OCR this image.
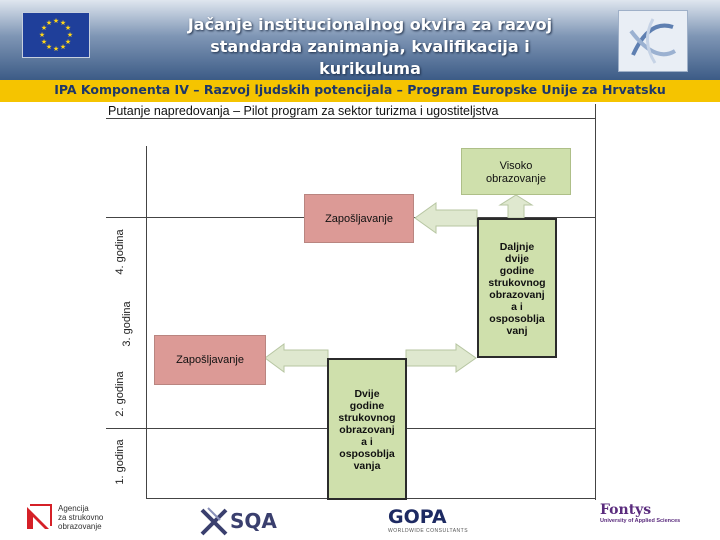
★ ★
★
★
★
★
★
★
★
★
★
★	Jačanje institucionalnog okvira za razvoj
standarda zanimanja, kvalifikacija i kurikuluma
IPA Komponenta IV – Razvoj ljudskih potencijala – Program Europske Unije za Hrvatsku
Putanje napredovanja – Pilot program za sektor turizma i ugostiteljstva
1. godina
2. godina
3. godina
4. godina
Zapošljavanje
Zapošljavanje
Visoko
obrazovanje
Daljnje
dvije
godine
strukovnog
obrazovanj
a i
osposoblja
vanj
Dvije
godine
strukovnog
obrazovanj
a i
osposoblja
vanja
Agencija
za strukovno
obrazovanje	SQA	GOPA
WORLDWIDE CONSULTANTS
Fontys
University of Applied Sciences
